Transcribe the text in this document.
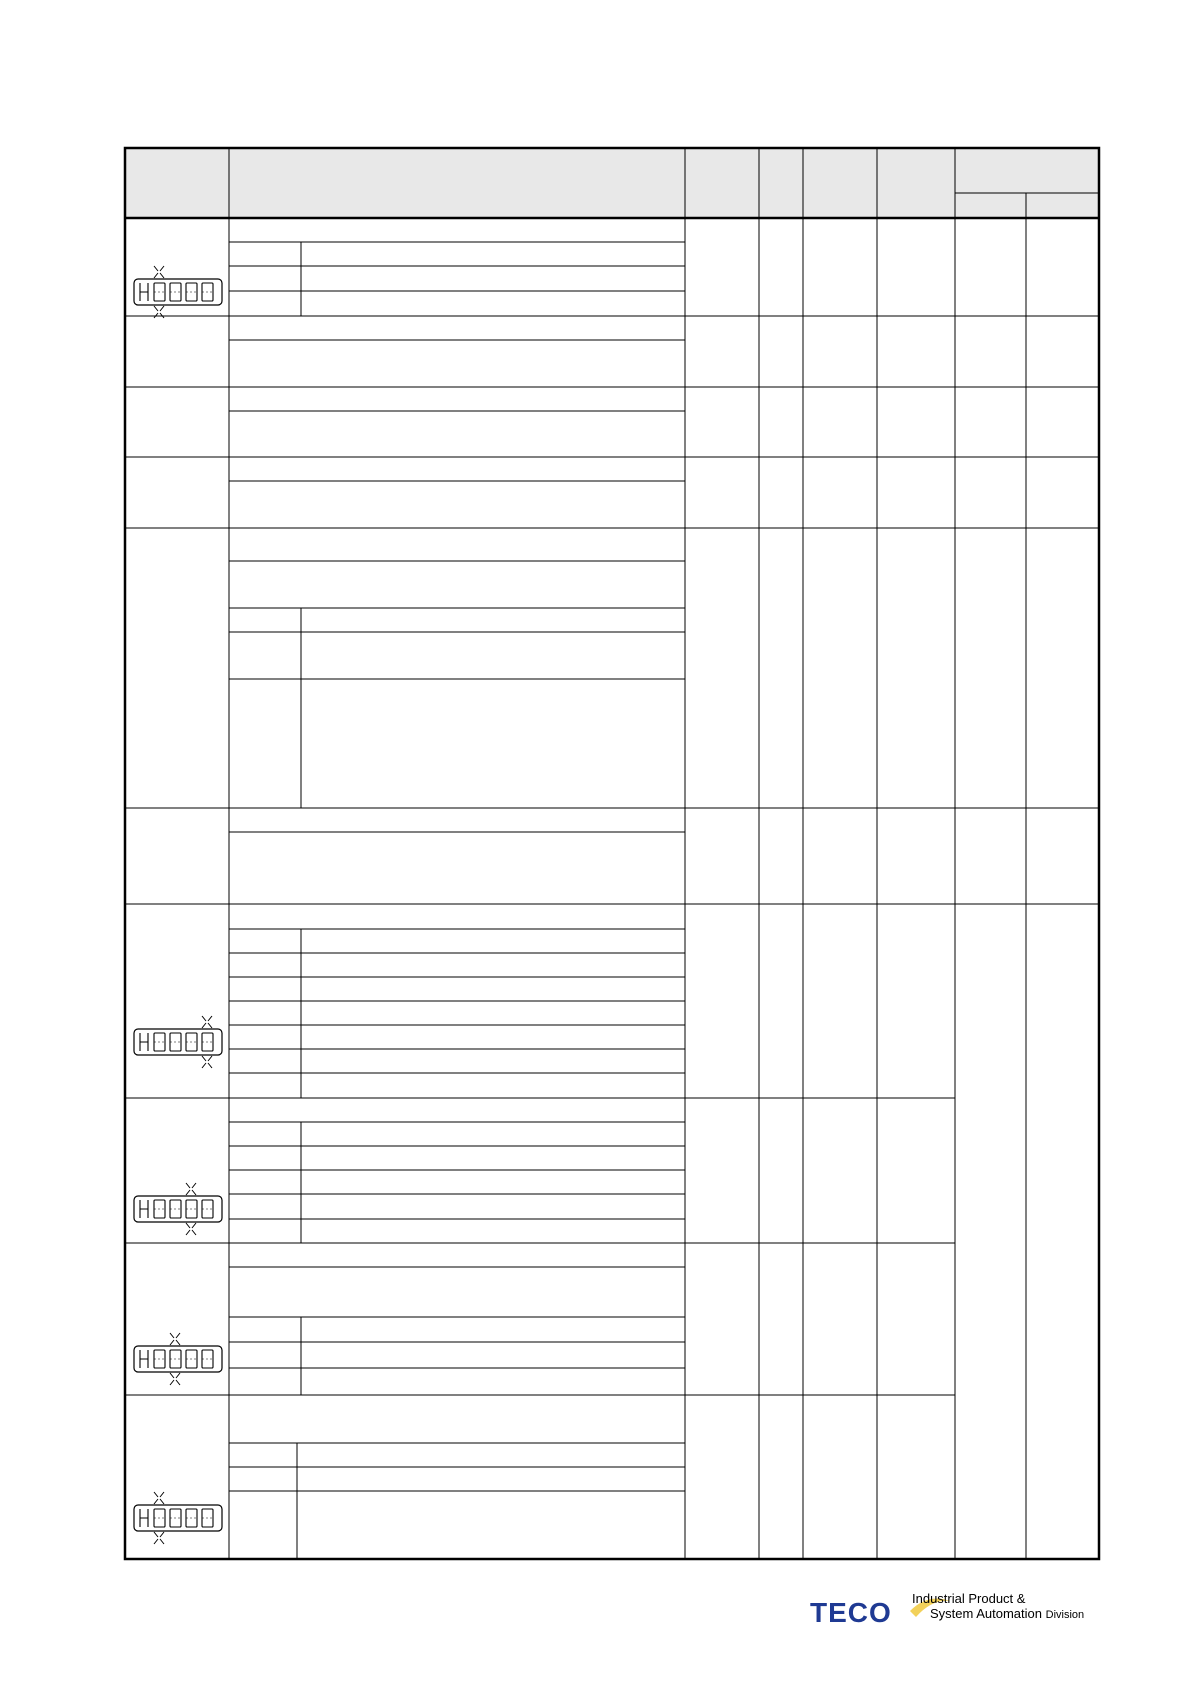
TECO Industrial Product &
System Automation Division
